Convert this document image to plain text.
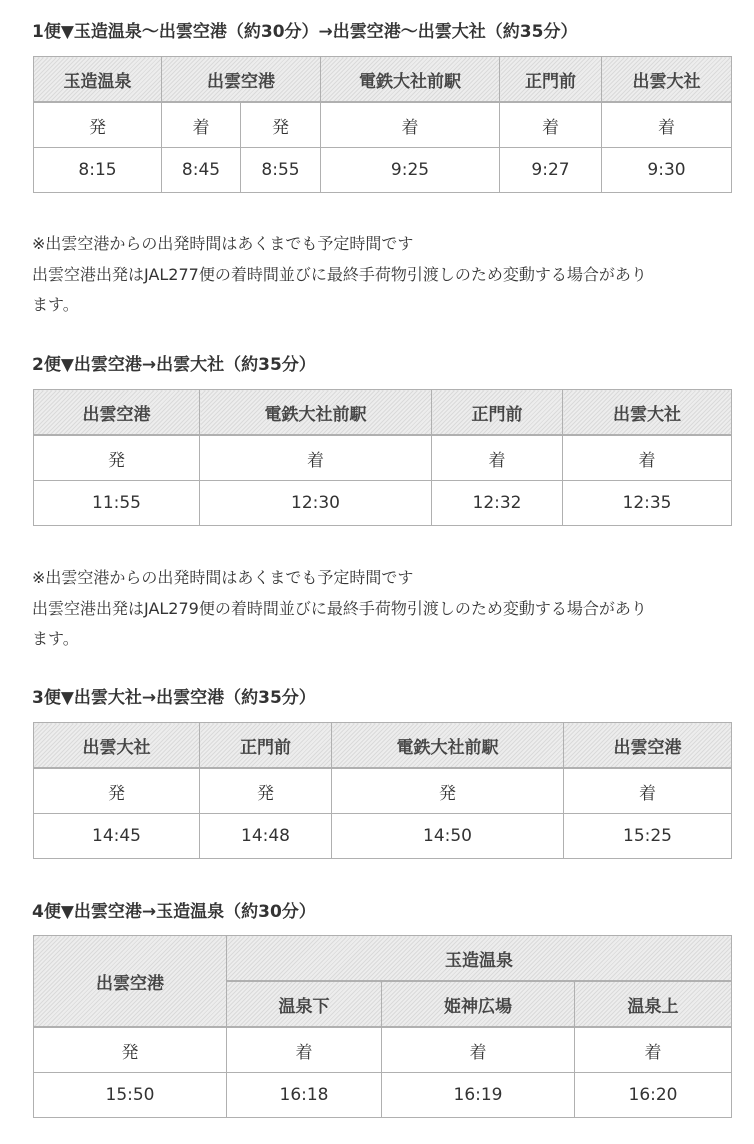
1便▼玉造温泉〜出雲空港（約30分）→出雲空港〜出雲大社（約35分）
玉造温泉	出雲空港		電鉄大社前駅	正門前	出雲大社
発	着	発	着	着	着
8:15	8:45	8:55	9:25	9:27	9:30
※出雲空港からの出発時間はあくまでも予定時間です
出雲空港出発はJAL277便の着時間並びに最終手荷物引渡しのため変動する場合があり
ます。
2便▼出雲空港→出雲大社（約35分）
出雲空港	電鉄大社前駅	正門前	出雲大社
発	着	着	着
11:55	12:30	12:32	12:35
※出雲空港からの出発時間はあくまでも予定時間です
出雲空港出発はJAL279便の着時間並びに最終手荷物引渡しのため変動する場合があり
ます。
3便▼出雲大社→出雲空港（約35分）
出雲大社	正門前	電鉄大社前駅	出雲空港
発	発	発	着
14:45	14:48	14:50	15:25
4便▼出雲空港→玉造温泉（約30分）
出雲空港	玉造温泉		
	温泉下	姫神広場	温泉上
発	着	着	着
15:50	16:18	16:19	16:20
